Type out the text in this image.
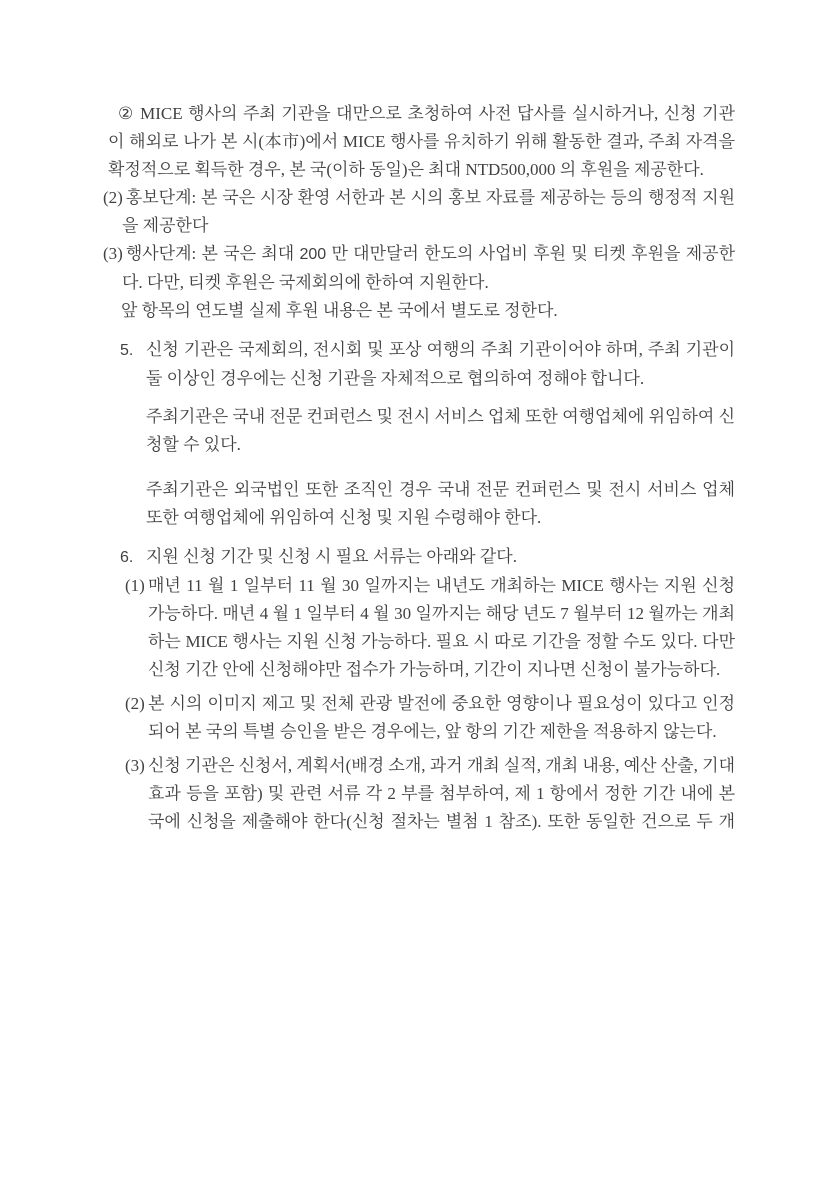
② MICE 행사의 주최 기관을 대만으로 초청하여 사전 답사를 실시하거나, 신청 기관이 해외로 나가 본 시(本市)에서 MICE 행사를 유치하기 위해 활동한 결과, 주최 자격을 확정적으로 획득한 경우, 본 국(이하 동일)은 최대 NTD500,000 의 후원을 제공한다.
(2) 홍보단계: 본 국은 시장 환영 서한과 본 시의 홍보 자료를 제공하는 등의 행정적 지원을 제공한다
(3) 행사단계: 본 국은 최대 200 만 대만달러 한도의 사업비 후원 및 티켓 후원을 제공한다. 다만, 티켓 후원은 국제회의에 한하여 지원한다.
앞 항목의 연도별 실제 후원 내용은 본 국에서 별도로 정한다.
5. 신청 기관은 국제회의, 전시회 및 포상 여행의 주최 기관이어야 하며, 주최 기관이 둘 이상인 경우에는 신청 기관을 자체적으로 협의하여 정해야 합니다.
주최기관은 국내 전문 컨퍼런스 및 전시 서비스 업체 또한 여행업체에 위임하여 신청할 수 있다.
주최기관은 외국법인 또한 조직인 경우 국내 전문 컨퍼런스 및 전시 서비스 업체 또한 여행업체에 위임하여 신청 및 지원 수령해야 한다.
6. 지원 신청 기간 및 신청 시 필요 서류는 아래와 같다.
(1) 매년 11 월 1 일부터 11 월 30 일까지는 내년도 개최하는 MICE 행사는 지원 신청 가능하다. 매년 4 월 1 일부터 4 월 30 일까지는 해당 년도 7 월부터 12 월까는 개최하는 MICE 행사는 지원 신청 가능하다. 필요 시 따로 기간을 정할 수도 있다. 다만 신청 기간 안에 신청해야만 접수가 가능하며, 기간이 지나면 신청이 불가능하다.
(2) 본 시의 이미지 제고 및 전체 관광 발전에 중요한 영향이나 필요성이 있다고 인정되어 본 국의 특별 승인을 받은 경우에는, 앞 항의 기간 제한을 적용하지 않는다.
(3) 신청 기관은 신청서, 계획서(배경 소개, 과거 개최 실적, 개최 내용, 예산 산출, 기대 효과 등을 포함) 및 관련 서류 각 2 부를 첨부하여, 제 1 항에서 정한 기간 내에 본 국에 신청을 제출해야 한다(신청 절차는 별첨 1 참조). 또한 동일한 건으로 두 개
